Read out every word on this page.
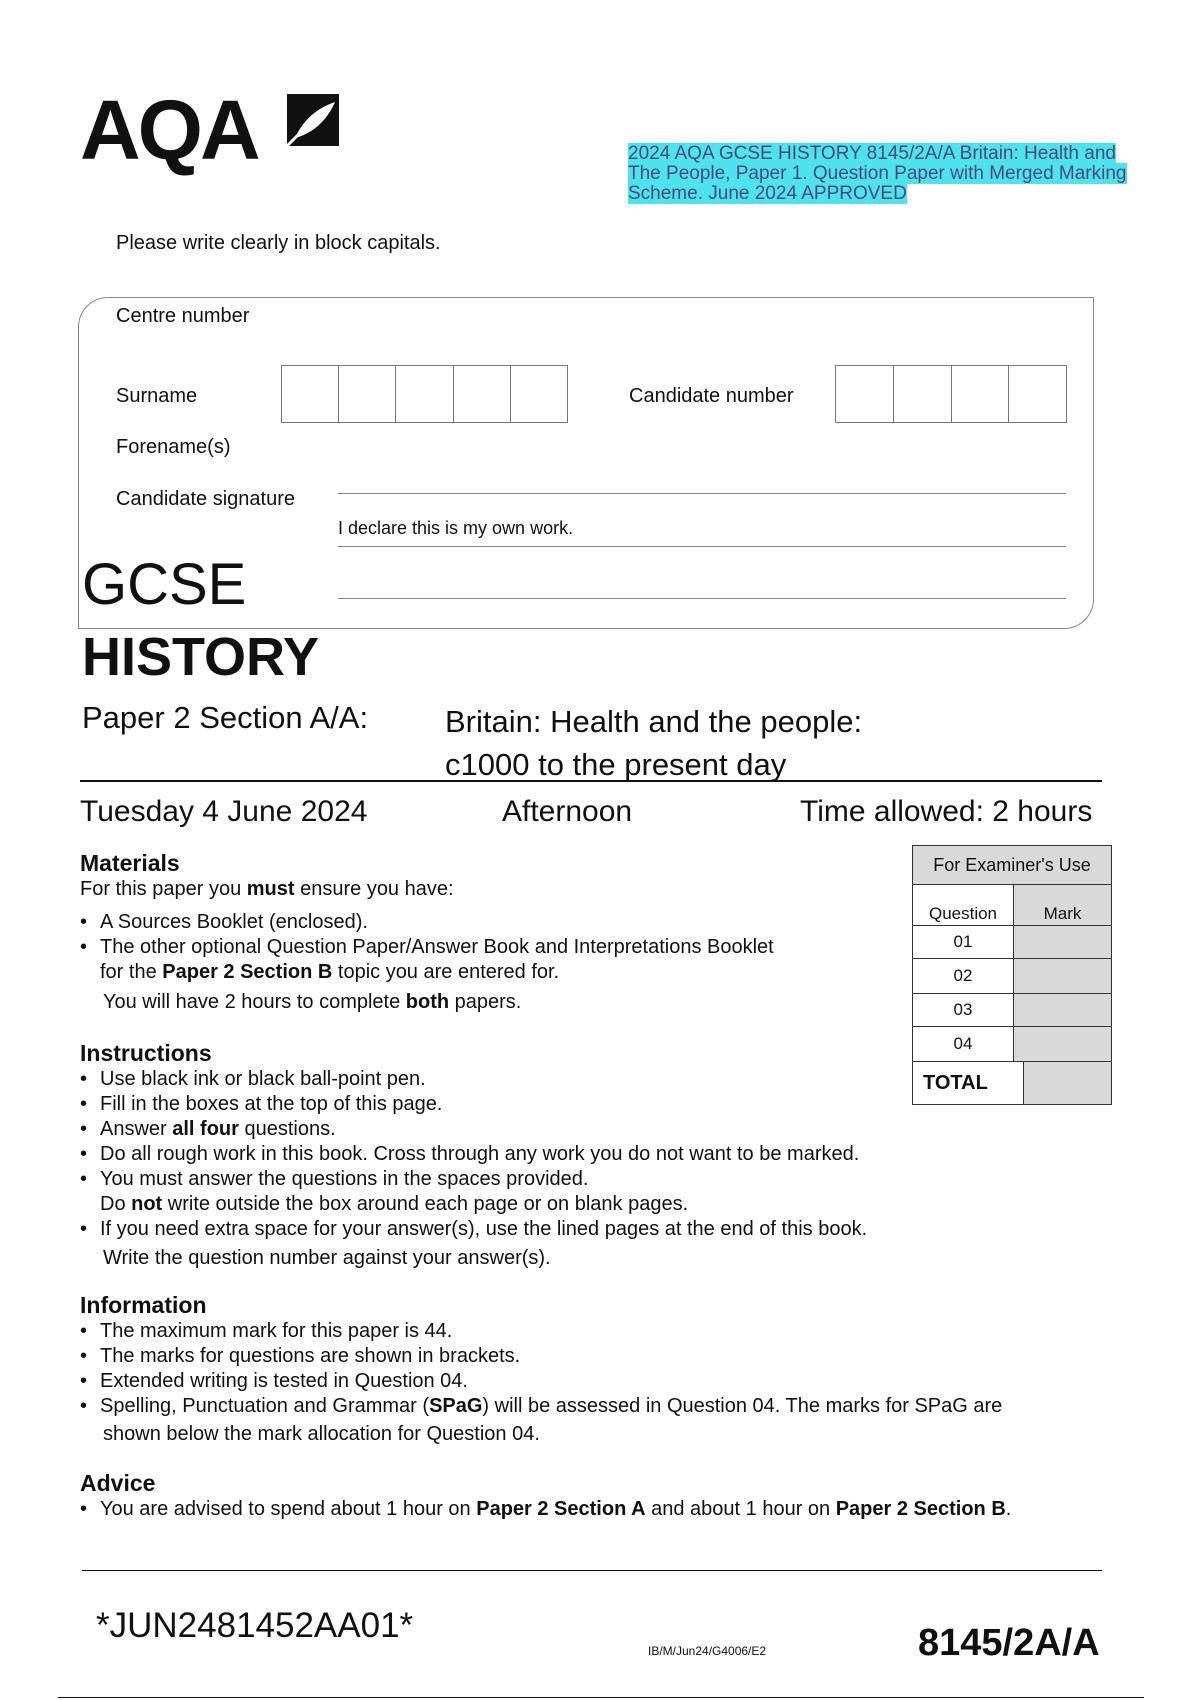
AQA	2024 AQA GCSE HISTORY 8145/2A/A Britain: Health and The People, Paper 1. Question Paper with Merged Marking Scheme. June 2024 APPROVED
Please write clearly in block capitals.
Centre number
Surname	Candidate number
Forename(s)
Candidate signature
I declare this is my own work.
GCSE
HISTORY
Paper 2 Section A/A: Britain: Health and the people:
c1000 to the present day
Tuesday 4 June 2024	Afternoon	Time allowed: 2 hours
For Examiner's Use
Question	Mark
01
02
03
04
TOTAL
Materials
For this paper you must ensure you have:
• A Sources Booklet (enclosed).
• The other optional Question Paper/Answer Book and Interpretations Booklet
for the Paper 2 Section B topic you are entered for.
You will have 2 hours to complete both papers.
Instructions
• Use black ink or black ball-point pen.
• Fill in the boxes at the top of this page.
• Answer all four questions.
• Do all rough work in this book. Cross through any work you do not want to be marked.
• You must answer the questions in the spaces provided.
Do not write outside the box around each page or on blank pages.
• If you need extra space for your answer(s), use the lined pages at the end of this book.
Write the question number against your answer(s).
Information
• The maximum mark for this paper is 44.
• The marks for questions are shown in brackets.
• Extended writing is tested in Question 04.
• Spelling, Punctuation and Grammar (SPaG) will be assessed in Question 04. The marks for SPaG are
shown below the mark allocation for Question 04.
Advice
• You are advised to spend about 1 hour on Paper 2 Section A and about 1 hour on Paper 2 Section B.
*JUN2481452AA01*
IB/M/Jun24/G4006/E2	8145/2A/A
